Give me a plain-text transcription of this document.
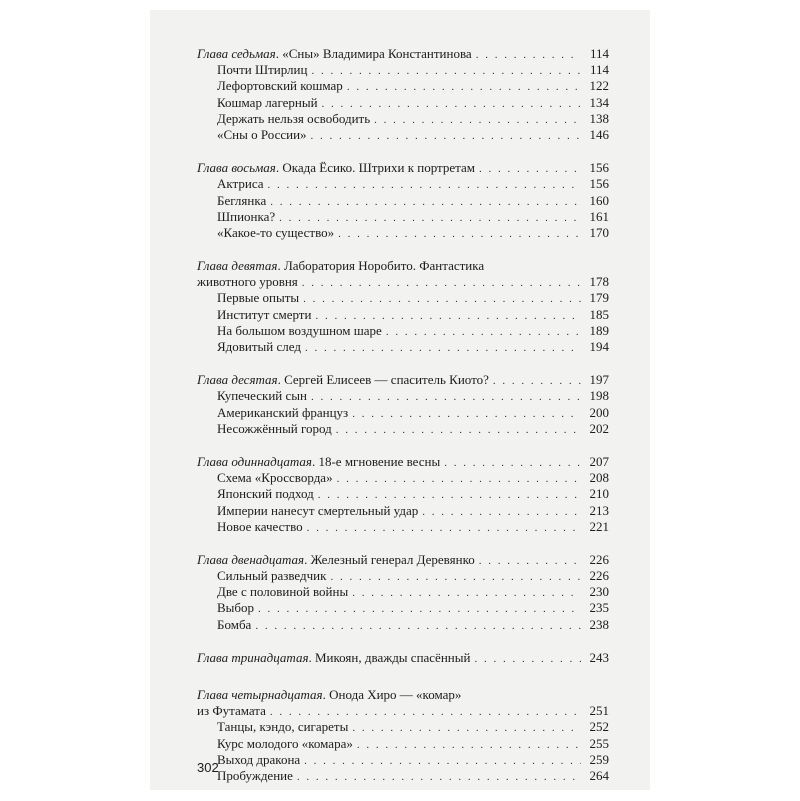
Глава седьмая. «Сны» Владимира Константинова . . .	114
Почти Штирлиц . . .	114
Лефортовский кошмар . . .	122
Кошмар лагерный . . .	134
Держать нельзя освободить . . .	138
«Сны о России» . . .	146
Глава восьмая. Окада Ёсико. Штрихи к портретам . . .	156
Актриса . . .	156
Беглянка . . .	160
Шпионка? . . .	161
«Какое-то существо» . . .	170
Глава девятая. Лаборатория Норобито. Фантастика
животного уровня . . .	178
Первые опыты . . .	179
Институт смерти . . .	185
На большом воздушном шаре . . .	189
Ядовитый след . . .	194
Глава десятая. Сергей Елисеев — спаситель Киото? . . .	197
Купеческий сын . . .	198
Американский француз . . .	200
Несожжённый город . . .	202
Глава одиннадцатая. 18-е мгновение весны . . .	207
Схема «Кроссворда» . . .	208
Японский подход . . .	210
Империи нанесут смертельный удар . . .	213
Новое качество . . .	221
Глава двенадцатая. Железный генерал Деревянко . . .	226
Сильный разведчик . . .	226
Две с половиной войны . . .	230
Выбор . . .	235
Бомба . . .	238
Глава тринадцатая. Микоян, дважды спасённый . . .	243
Глава четырнадцатая. Онода Хиро — «комар»
из Футамата . . .	251
Танцы, кэндо, сигареты . . .	252
Курс молодого «комара» . . .	255
Выход дракона . . .	259
Пробуждение . . .	264
302
